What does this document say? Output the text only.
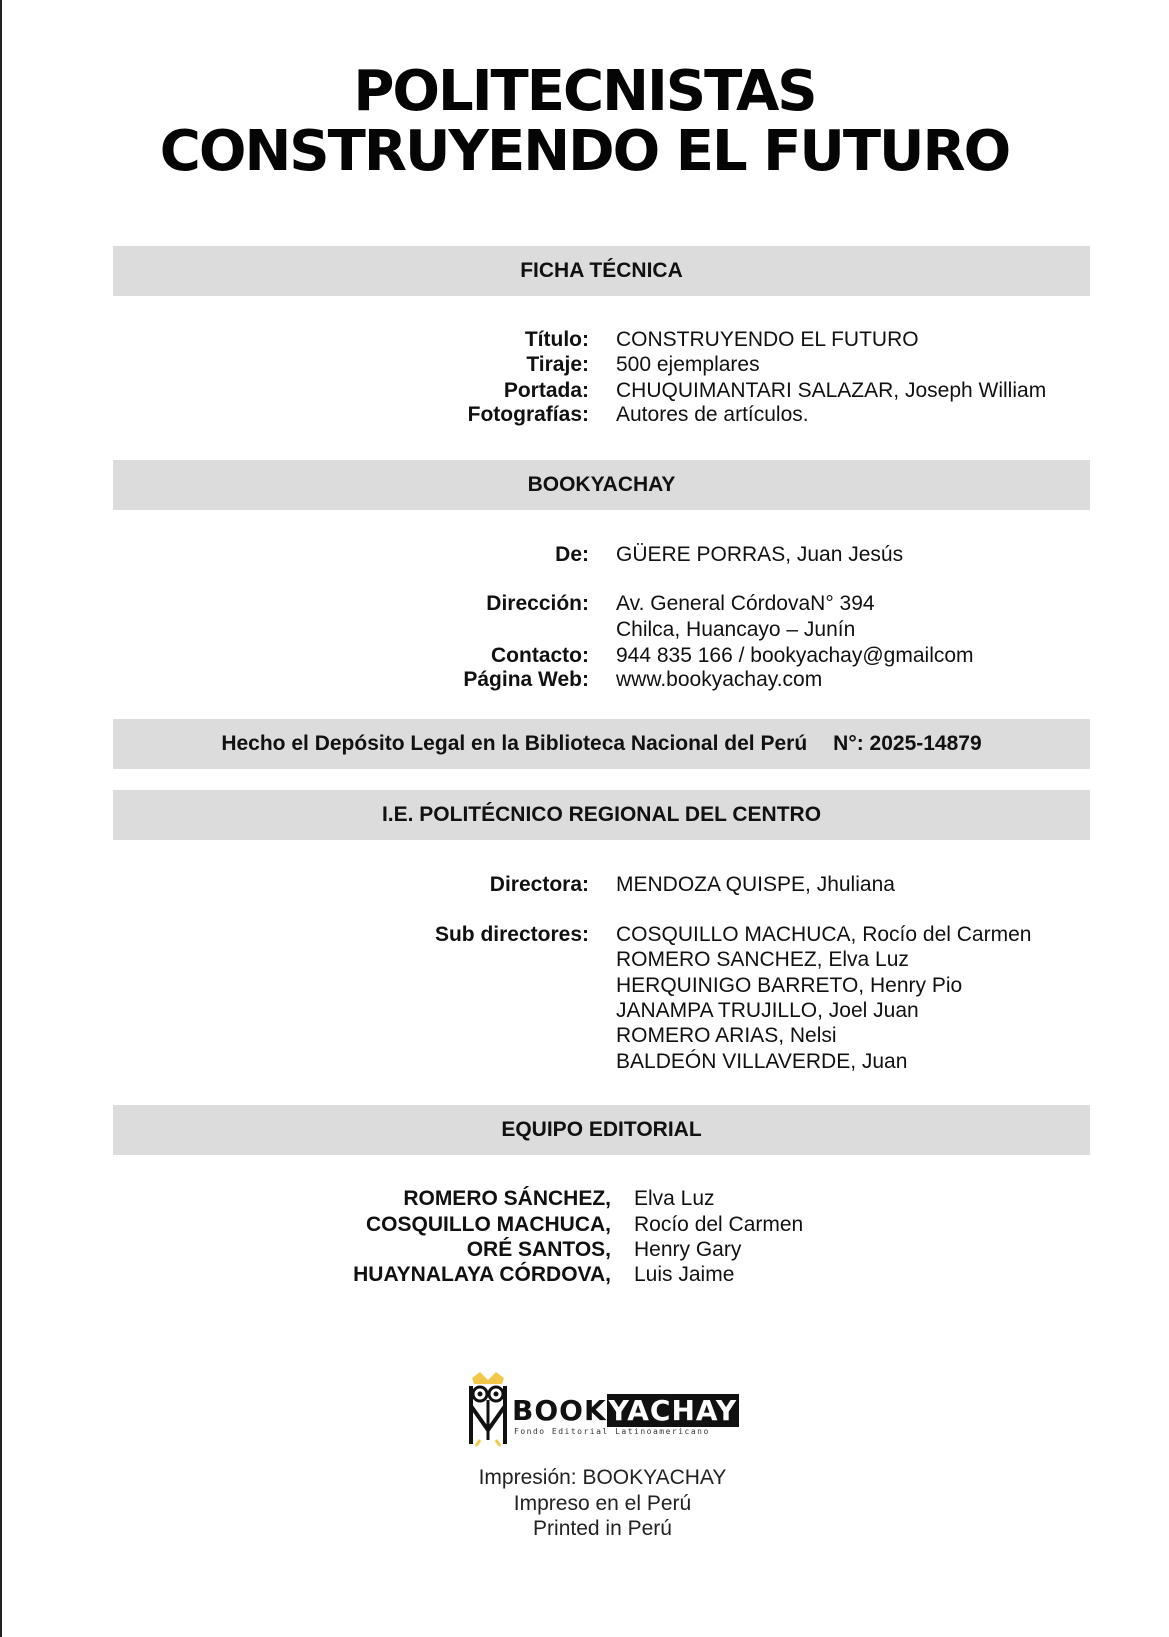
POLITECNISTAS
CONSTRUYENDO EL FUTURO
FICHA TÉCNICA
Título: CONSTRUYENDO EL FUTURO
Tiraje: 500 ejemplares
Portada: CHUQUIMANTARI SALAZAR, Joseph William
Fotografías: Autores de artículos.
BOOKYACHAY
De: GÜERE PORRAS, Juan Jesús
Dirección: Av. General CórdovaN° 394
Chilca, Huancayo – Junín
Contacto: 944 835 166 / bookyachay@gmailcom
Página Web: www.bookyachay.com
Hecho el Depósito Legal en la Biblioteca Nacional del Perú N°: 2025-14879
I.E. POLITÉCNICO REGIONAL DEL CENTRO
Directora: MENDOZA QUISPE, Jhuliana
Sub directores: COSQUILLO MACHUCA, Rocío del Carmen
ROMERO SANCHEZ, Elva Luz
HERQUINIGO BARRETO, Henry Pio
JANAMPA TRUJILLO, Joel Juan
ROMERO ARIAS, Nelsi
BALDEÓN VILLAVERDE, Juan
EQUIPO EDITORIAL
ROMERO SÁNCHEZ, Elva Luz
COSQUILLO MACHUCA, Rocío del Carmen
ORÉ SANTOS, Henry Gary
HUAYNALAYA CÓRDOVA, Luis Jaime
BOOKYACHAY
Fondo Editorial Latinoamericano
Impresión: BOOKYACHAY
Impreso en el Perú
Printed in Perú
